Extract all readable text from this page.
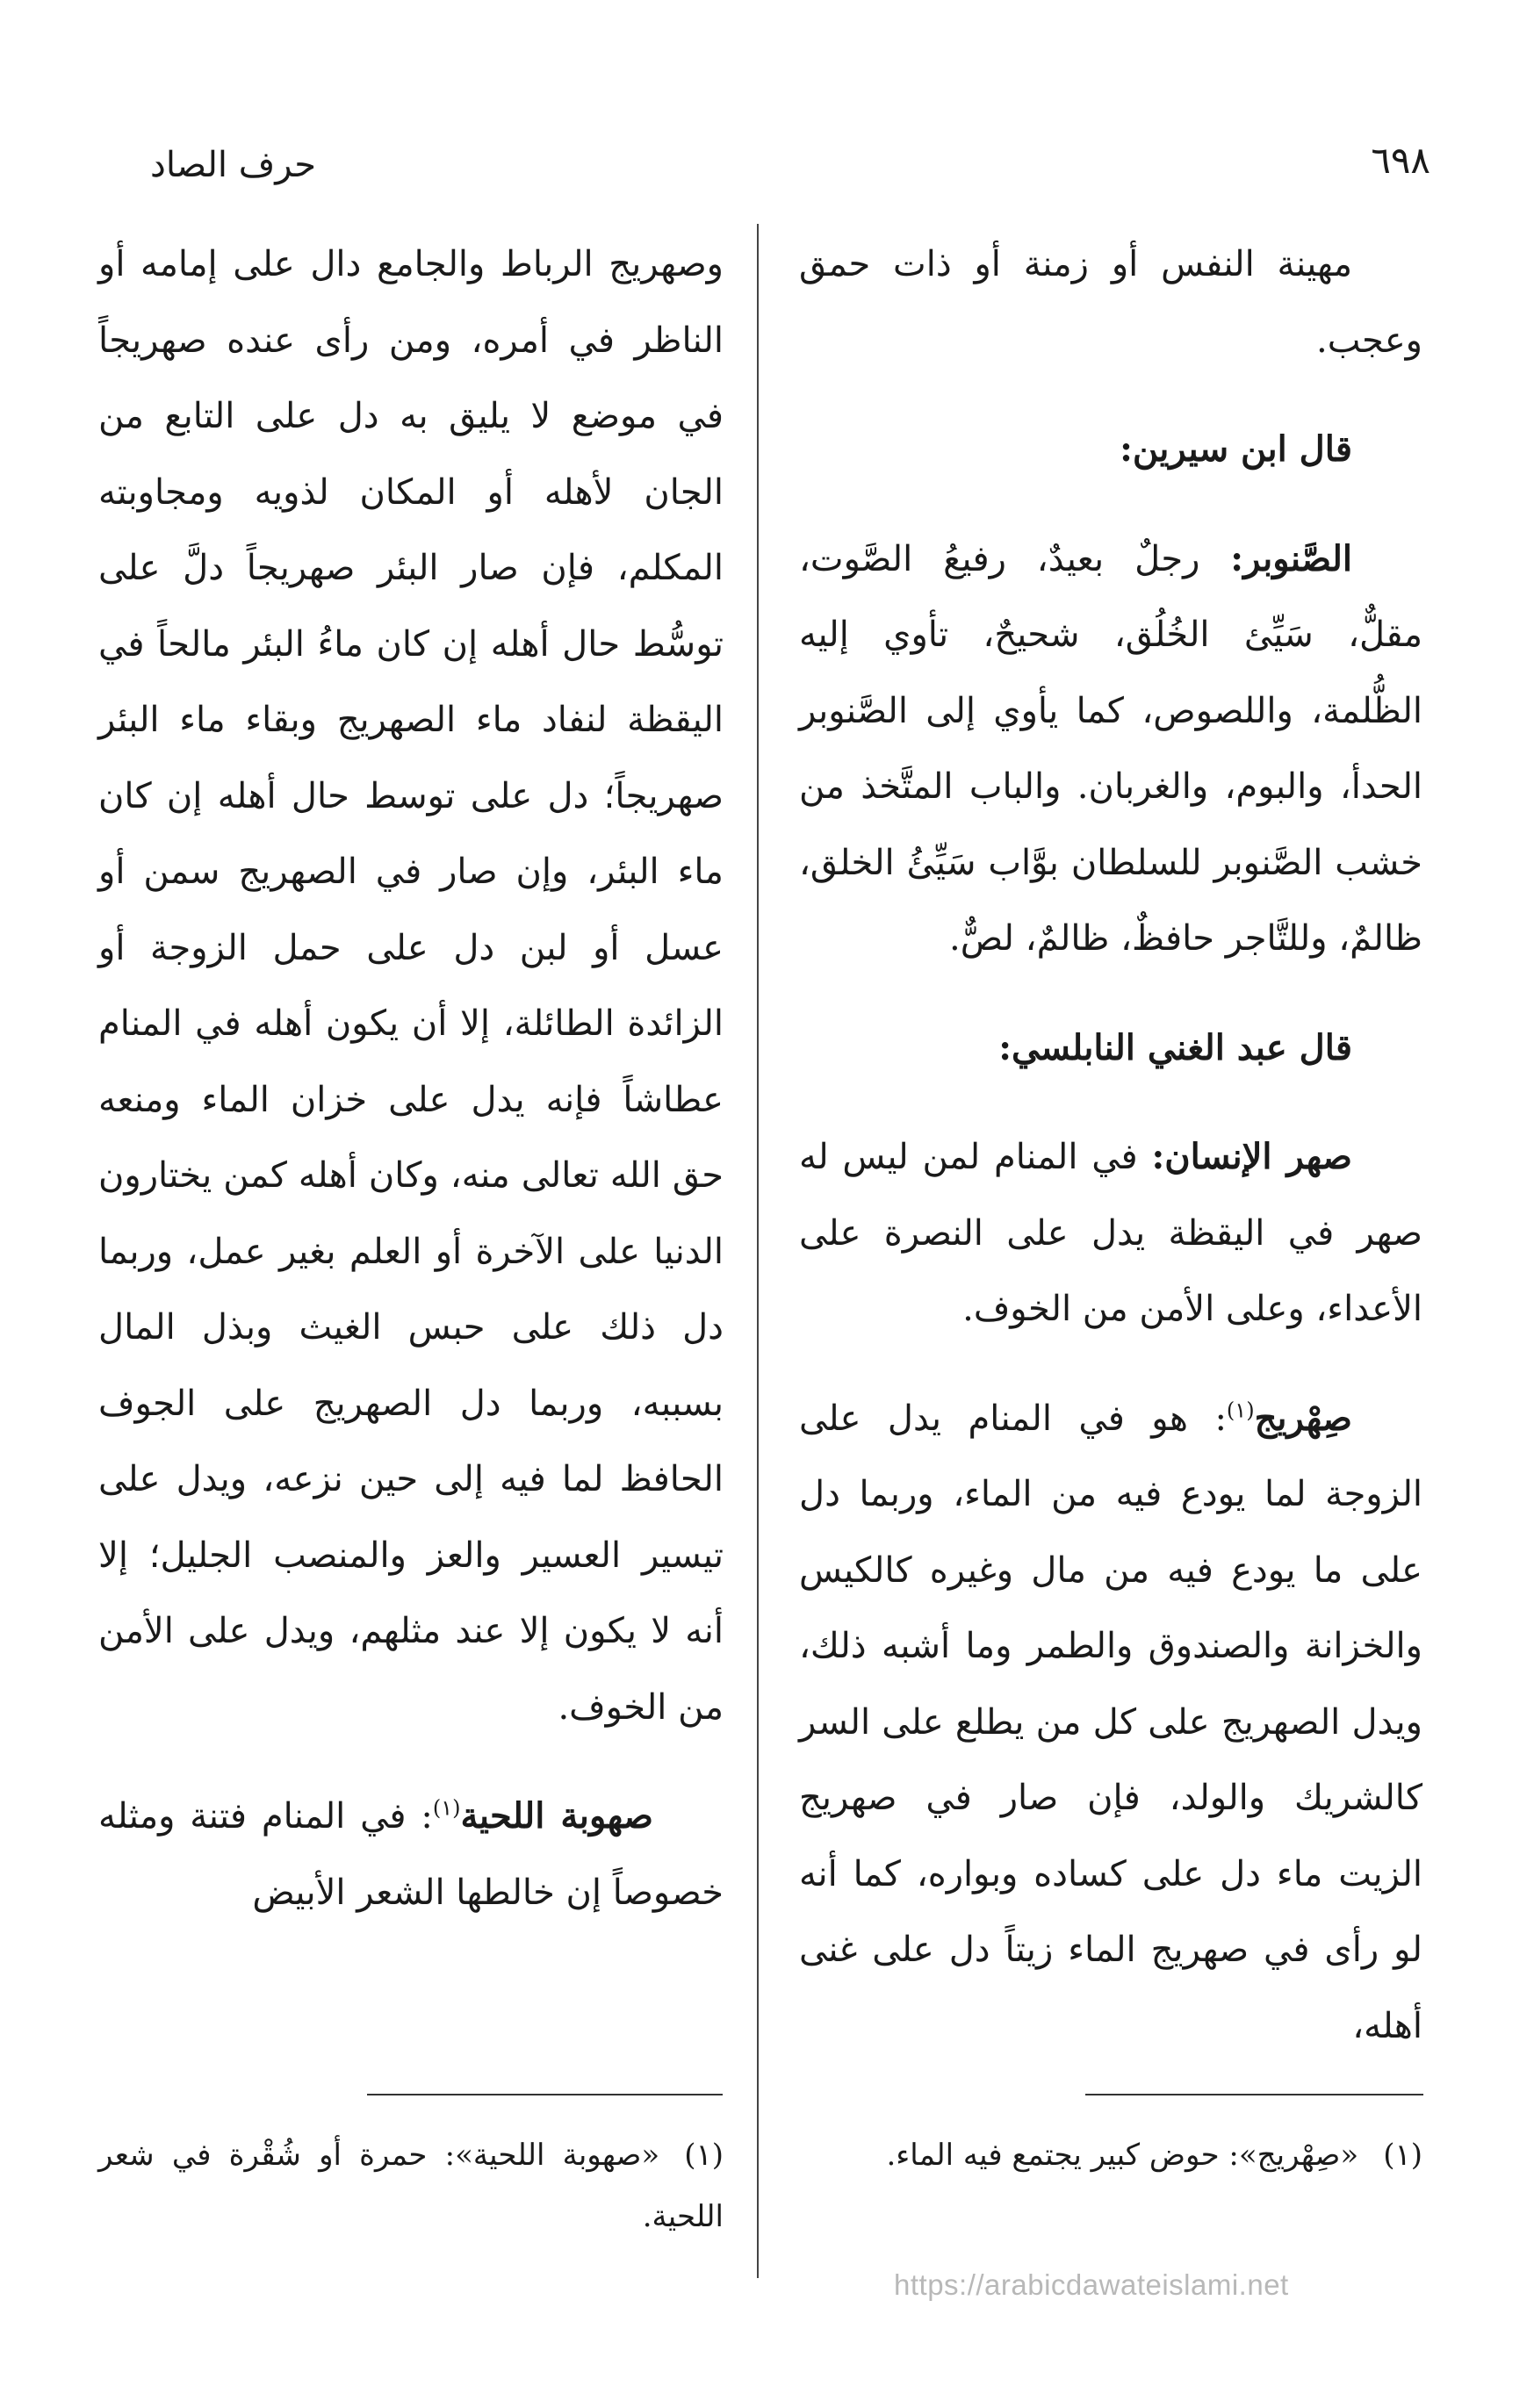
حرف الصاد	٦٩٨

مهينة النفس أو زمنة أو ذات حمق وعجب.

قال ابن سيرين:

الصَّنوبر: رجلٌ بعيدٌ، رفيعُ الصَّوت، مقلٌّ، سَيِّئ الخُلُق، شحيحٌ، تأوي إليه الظُّلمة، واللصوص، كما يأوي إلى الصَّنوبر الحدأ، والبوم، والغربان. والباب المتَّخذ من خشب الصَّنوبر للسلطان بوَّاب سَيِّئُ الخلق، ظالمٌ، وللتَّاجر حافظٌ، ظالمٌ، لصٌّ.

قال عبد الغني النابلسي:

صهر الإنسان: في المنام لمن ليس له صهر في اليقظة يدل على النصرة على الأعداء، وعلى الأمن من الخوف.

صِهْريج$^{(١)}$: هو في المنام يدل على الزوجة لما يودع فيه من الماء، وربما دل على ما يودع فيه من مال وغيره كالكيس والخزانة والصندوق والطمر وما أشبه ذلك، ويدل الصهريج على كل من يطلع على السر كالشريك والولد، فإن صار في صهريج الزيت ماء دل على كساده وبواره، كما أنه لو رأى في صهريج الماء زيتاً دل على غنى أهله،

وصهريج الرباط والجامع دال على إمامه أو الناظر في أمره، ومن رأى عنده صهريجاً في موضع لا يليق به دل على التابع من الجان لأهله أو المكان لذويه ومجاوبته المكلم، فإن صار البئر صهريجاً دلَّ على توسُّط حال أهله إن كان ماءُ البئر مالحاً في اليقظة لنفاد ماء الصهريج وبقاء ماء البئر صهريجاً؛ دل على توسط حال أهله إن كان ماء البئر، وإن صار في الصهريج سمن أو عسل أو لبن دل على حمل الزوجة أو الزائدة الطائلة، إلا أن يكون أهله في المنام عطاشاً فإنه يدل على خزان الماء ومنعه حق الله تعالى منه، وكان أهله كمن يختارون الدنيا على الآخرة أو العلم بغير عمل، وربما دل ذلك على حبس الغيث وبذل المال بسببه، وربما دل الصهريج على الجوف الحافظ لما فيه إلى حين نزعه، ويدل على تيسير العسير والعز والمنصب الجليل؛ إلا أنه لا يكون إلا عند مثلهم، ويدل على الأمن من الخوف.

صهوبة اللحية$^{(١)}$: في المنام فتنة ومثله خصوصاً إن خالطها الشعر الأبيض

(١)«صِهْريج»: حوض كبير يجتمع فيه الماء.
(١)«صهوبة اللحية»: حمرة أو شُقْرة في شعر اللحية.
https://arabicdawateislami.net
